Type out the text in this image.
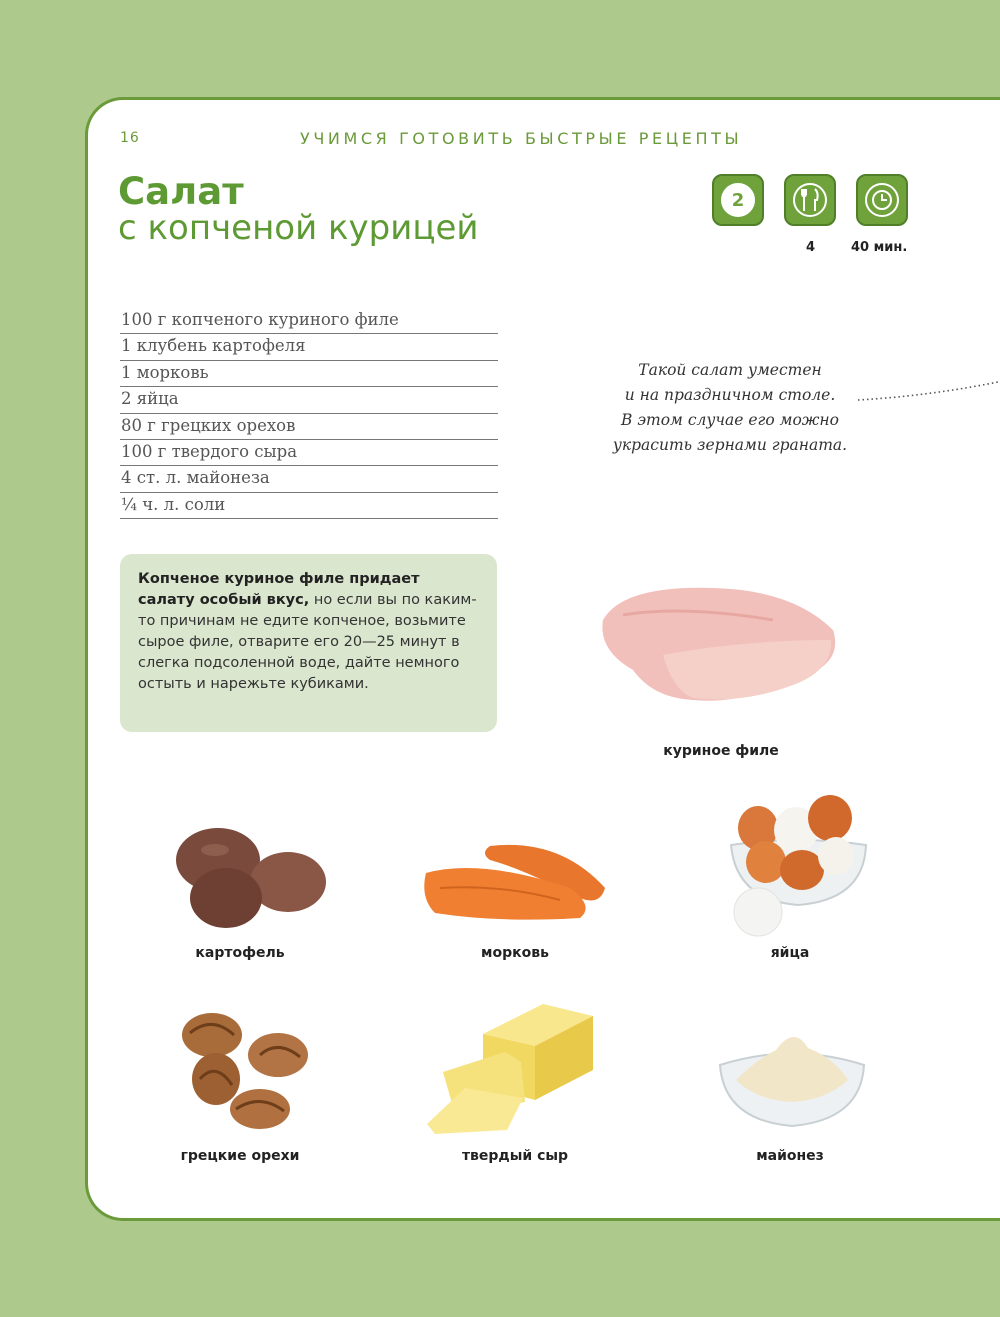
16	УЧИМСЯ ГОТОВИТЬ БЫСТРЫЕ РЕЦЕПТЫ
Салат
с копченой курицей
2
4	40 мин.
100 г копченого куриного филе
1 клубень картофеля
1 морковь
2 яйца
80 г грецких орехов
100 г твердого сыра
4 ст. л. майонеза
¼ ч. л. соли
Такой салат уместен
и на праздничном столе.
В этом случае его можно
украсить зернами граната.
Копченое куриное филе придает салату особый вкус, но если вы по каким-то причинам не едите копченое, возьмите сырое филе, отварите его 20—25 минут в слегка подсоленной воде, дайте немного остыть и нарежьте кубиками.
куриное филе
картофель	морковь	яйца
грецкие орехи	твердый сыр	майонез
